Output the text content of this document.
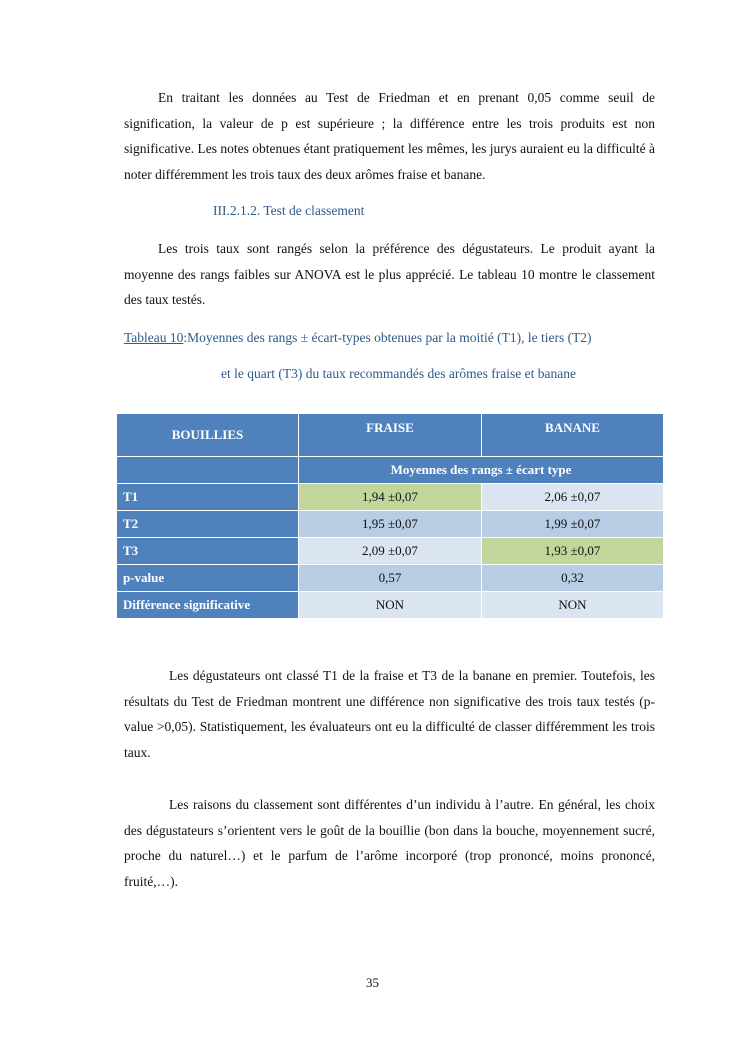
En traitant les données au Test de Friedman et en prenant 0,05 comme seuil de signification, la valeur de p est supérieure ; la différence entre les trois produits est non significative. Les notes obtenues étant pratiquement les mêmes, les jurys auraient eu la difficulté à noter différemment les trois taux des deux arômes fraise et banane.

III.2.1.2. Test de classement

Les trois taux sont rangés selon la préférence des dégustateurs. Le produit ayant la moyenne des rangs faibles sur ANOVA est le plus apprécié. Le tableau 10 montre le classement des taux testés.

Tableau 10:Moyennes des rangs ± écart-types obtenues par la moitié (T1), le tiers (T2)

et le quart (T3) du taux recommandés des arômes fraise et banane

BOUILLIES	FRAISE	BANANE
	Moyennes des rangs ± écart type	
T1	1,94 ±0,07	2,06 ±0,07
T2	1,95 ±0,07	1,99 ±0,07
T3	2,09 ±0,07	1,93 ±0,07
p-value	0,57	0,32
Différence significative	NON	NON

Les dégustateurs ont classé T1 de la fraise et T3 de la banane en premier. Toutefois, les résultats du Test de Friedman montrent une différence non significative des trois taux testés (p-value >0,05). Statistiquement, les évaluateurs ont eu la difficulté de classer différemment les trois taux.

Les raisons du classement sont différentes d’un individu à l’autre. En général, les choix des dégustateurs s’orientent vers le goût de la bouillie (bon dans la bouche, moyennement sucré, proche du naturel…) et le parfum de l’arôme incorporé (trop prononcé, moins prononcé, fruité,…).

35
